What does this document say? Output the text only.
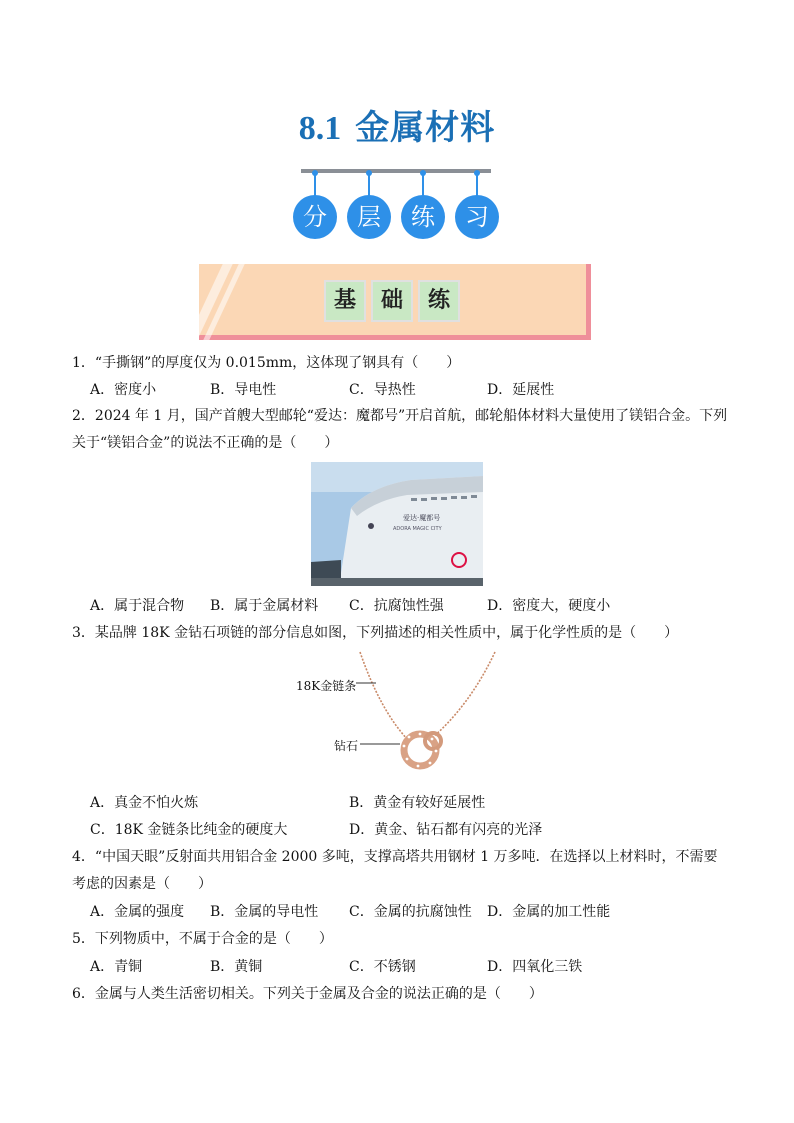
8.1 金属材料
分	层	练	习
基	础	练
1．“手撕钢”的厚度仅为 0.015mm，这体现了钢具有（　　）
A．密度小	B．导电性	C．导热性	D．延展性
2．2024 年 1 月，国产首艘大型邮轮“爱达：魔都号”开启首航，邮轮船体材料大量使用了镁铝合金。下列关于“镁铝合金”的说法不正确的是（　　）
爱达·魔都号
ADORA MAGIC CITY
A．属于混合物 B．属于金属材料 C．抗腐蚀性强	D．密度大，硬度小
3．某品牌 18K 金钻石项链的部分信息如图，下列描述的相关性质中，属于化学性质的是（　　）
18K金链条
钻石
A．真金不怕火炼	B．黄金有较好延展性
C．18K 金链条比纯金的硬度大	D．黄金、钻石都有闪亮的光泽
4．“中国天眼”反射面共用铝合金 2000 多吨，支撑高塔共用钢材 1 万多吨．在选择以上材料时，不需要考虑的因素是（　　）
A．金属的强度 B．金属的导电性 C．金属的抗腐蚀性 D．金属的加工性能
5．下列物质中，不属于合金的是（　　）
A．青铜	B．黄铜	C．不锈钢	D．四氧化三铁
6．金属与人类生活密切相关。下列关于金属及合金的说法正确的是（　　）
